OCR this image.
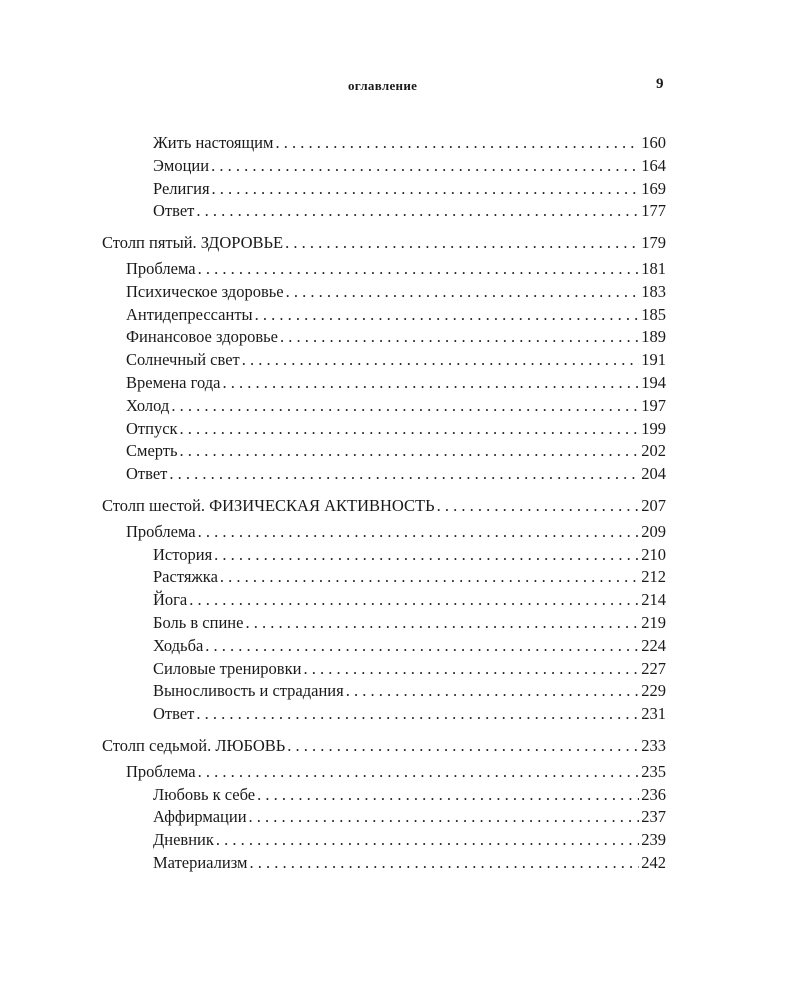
оглавление	9
Жить настоящим . . .	160
Эмоции . . .	164
Религия . . .	169
Ответ . . .	177
Столп пятый. ЗДОРОВЬЕ . . .	179
Проблема . . .	181
Психическое здоровье . . .	183
Антидепрессанты . . .	185
Финансовое здоровье . . .	189
Солнечный свет . . .	191
Времена года . . .	194
Холод . . .	197
Отпуск . . .	199
Смерть . . .	202
Ответ . . .	204
Столп шестой. ФИЗИЧЕСКАЯ АКТИВНОСТЬ . . .	207
Проблема . . .	209
История . . .	210
Растяжка . . .	212
Йога . . .	214
Боль в спине . . .	219
Ходьба . . .	224
Силовые тренировки . . .	227
Выносливость и страдания . . .	229
Ответ . . .	231
Столп седьмой. ЛЮБОВЬ . . .	233
Проблема . . .	235
Любовь к себе . . .	236
Аффирмации . . .	237
Дневник . . .	239
Материализм . . .	242
